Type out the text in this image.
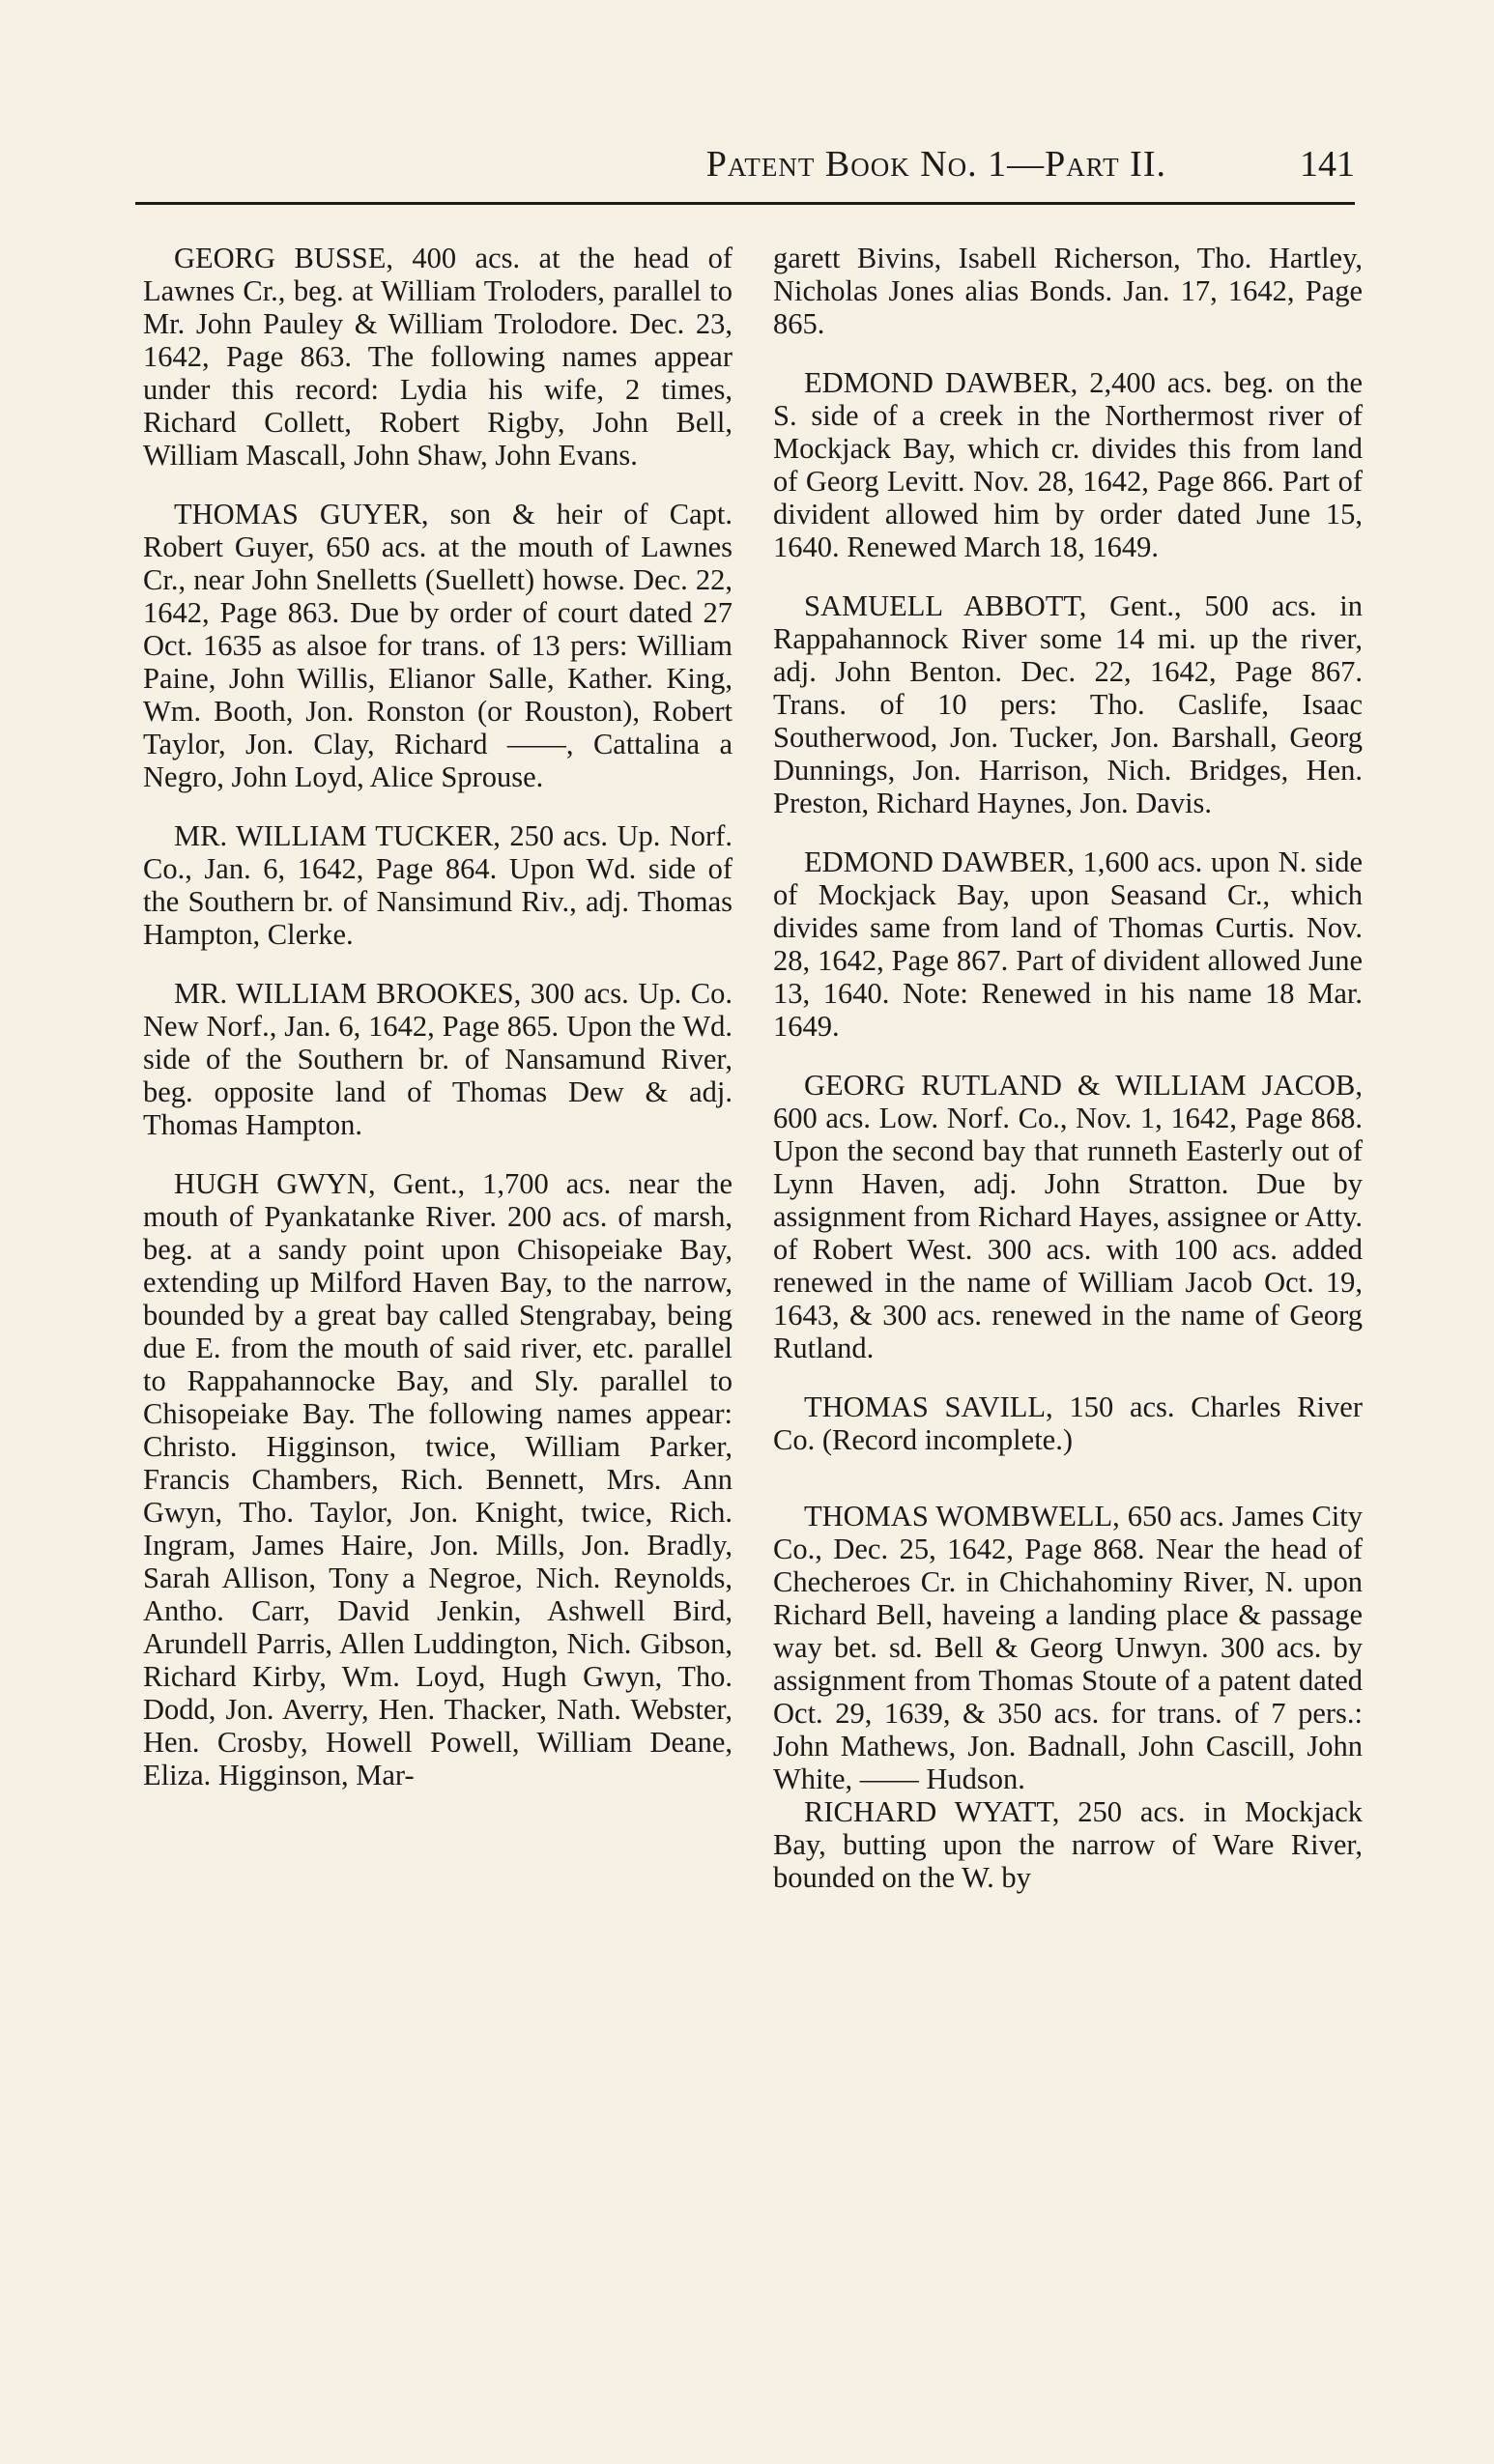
Patent Book No. 1—Part II.	141

GEORG BUSSE, 400 acs. at the head of Lawnes Cr., beg. at William Troloders, parallel to Mr. John Pauley & William Trolodore. Dec. 23, 1642, Page 863. The following names appear under this record: Lydia his wife, 2 times, Richard Collett, Robert Rigby, John Bell, William Mascall, John Shaw, John Evans.

THOMAS GUYER, son & heir of Capt. Robert Guyer, 650 acs. at the mouth of Lawnes Cr., near John Snelletts (Suellett) howse. Dec. 22, 1642, Page 863. Due by order of court dated 27 Oct. 1635 as alsoe for trans. of 13 pers: William Paine, John Willis, Elianor Salle, Kather. King, Wm. Booth, Jon. Ronston (or Rouston), Robert Taylor, Jon. Clay, Richard ——, Cattalina a Negro, John Loyd, Alice Sprouse.

MR. WILLIAM TUCKER, 250 acs. Up. Norf. Co., Jan. 6, 1642, Page 864. Upon Wd. side of the Southern br. of Nansimund Riv., adj. Thomas Hampton, Clerke.

MR. WILLIAM BROOKES, 300 acs. Up. Co. New Norf., Jan. 6, 1642, Page 865. Upon the Wd. side of the Southern br. of Nansamund River, beg. opposite land of Thomas Dew & adj. Thomas Hampton.

HUGH GWYN, Gent., 1,700 acs. near the mouth of Pyankatanke River. 200 acs. of marsh, beg. at a sandy point upon Chisopeiake Bay, extending up Milford Haven Bay, to the narrow, bounded by a great bay called Stengrabay, being due E. from the mouth of said river, etc. parallel to Rappahannocke Bay, and Sly. parallel to Chisopeiake Bay. The following names appear: Christo. Higginson, twice, William Parker, Francis Chambers, Rich. Bennett, Mrs. Ann Gwyn, Tho. Taylor, Jon. Knight, twice, Rich. Ingram, James Haire, Jon. Mills, Jon. Bradly, Sarah Allison, Tony a Negroe, Nich. Reynolds, Antho. Carr, David Jenkin, Ashwell Bird, Arundell Parris, Allen Luddington, Nich. Gibson, Richard Kirby, Wm. Loyd, Hugh Gwyn, Tho. Dodd, Jon. Averry, Hen. Thacker, Nath. Webster, Hen. Crosby, Howell Powell, William Deane, Eliza. Higginson, Mar-

garett Bivins, Isabell Richerson, Tho. Hartley, Nicholas Jones alias Bonds. Jan. 17, 1642, Page 865.

EDMOND DAWBER, 2,400 acs. beg. on the S. side of a creek in the Northermost river of Mockjack Bay, which cr. divides this from land of Georg Levitt. Nov. 28, 1642, Page 866. Part of divident allowed him by order dated June 15, 1640. Renewed March 18, 1649.

SAMUELL ABBOTT, Gent., 500 acs. in Rappahannock River some 14 mi. up the river, adj. John Benton. Dec. 22, 1642, Page 867. Trans. of 10 pers: Tho. Caslife, Isaac Southerwood, Jon. Tucker, Jon. Barshall, Georg Dunnings, Jon. Harrison, Nich. Bridges, Hen. Preston, Richard Haynes, Jon. Davis.

EDMOND DAWBER, 1,600 acs. upon N. side of Mockjack Bay, upon Seasand Cr., which divides same from land of Thomas Curtis. Nov. 28, 1642, Page 867. Part of divident allowed June 13, 1640. Note: Renewed in his name 18 Mar. 1649.

GEORG RUTLAND & WILLIAM JACOB, 600 acs. Low. Norf. Co., Nov. 1, 1642, Page 868. Upon the second bay that runneth Easterly out of Lynn Haven, adj. John Stratton. Due by assignment from Richard Hayes, assignee or Atty. of Robert West. 300 acs. with 100 acs. added renewed in the name of William Jacob Oct. 19, 1643, & 300 acs. renewed in the name of Georg Rutland.

THOMAS SAVILL, 150 acs. Charles River Co. (Record incomplete.)

THOMAS WOMBWELL, 650 acs. James City Co., Dec. 25, 1642, Page 868. Near the head of Checheroes Cr. in Chichahominy River, N. upon Richard Bell, haveing a landing place & passage way bet. sd. Bell & Georg Unwyn. 300 acs. by assignment from Thomas Stoute of a patent dated Oct. 29, 1639, & 350 acs. for trans. of 7 pers.: John Mathews, Jon. Badnall, John Cascill, John White, —— Hudson.

RICHARD WYATT, 250 acs. in Mockjack Bay, butting upon the narrow of Ware River, bounded on the W. by
